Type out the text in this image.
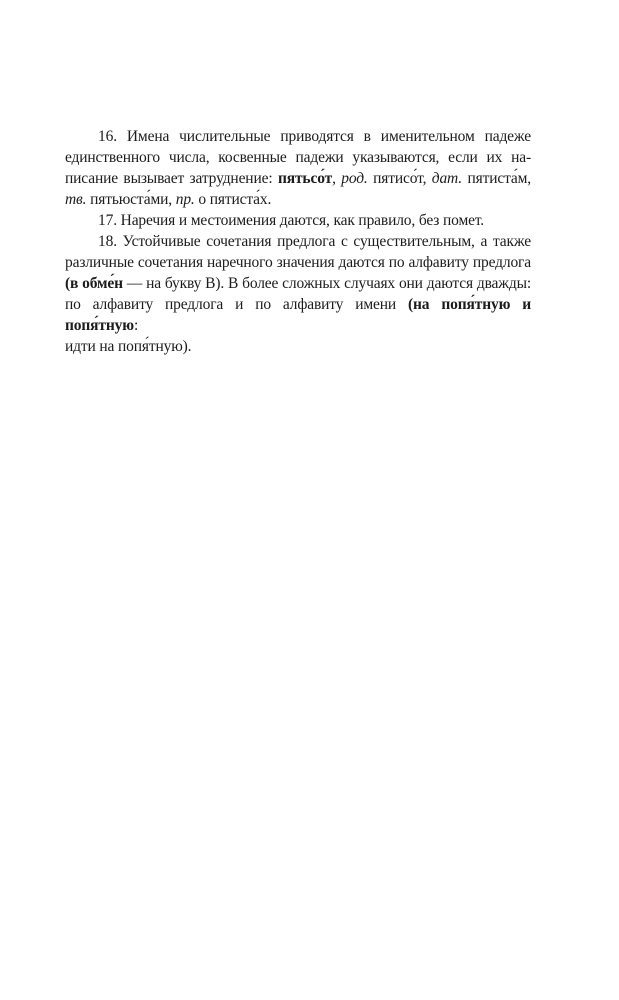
16. Имена числительные приводятся в именительном падеже
единственного числа, косвенные падежи указываются, если их на-
писание вызывает затруднение: пятьсо́т, род. пятисо́т, дат. пятиста́м,
тв. пятьюста́ми, пр. о пятиста́х.
17. Наречия и местоимения даются, как правило, без помет.
18. Устойчивые сочетания предлога с существительным, а также
различные сочетания наречного значения даются по алфавиту предлога
(в обме́н — на букву В). В более сложных случаях они даются дважды:
по алфавиту предлога и по алфавиту имени (на попя́тную и попя́тную:
идти на попя́тную).
